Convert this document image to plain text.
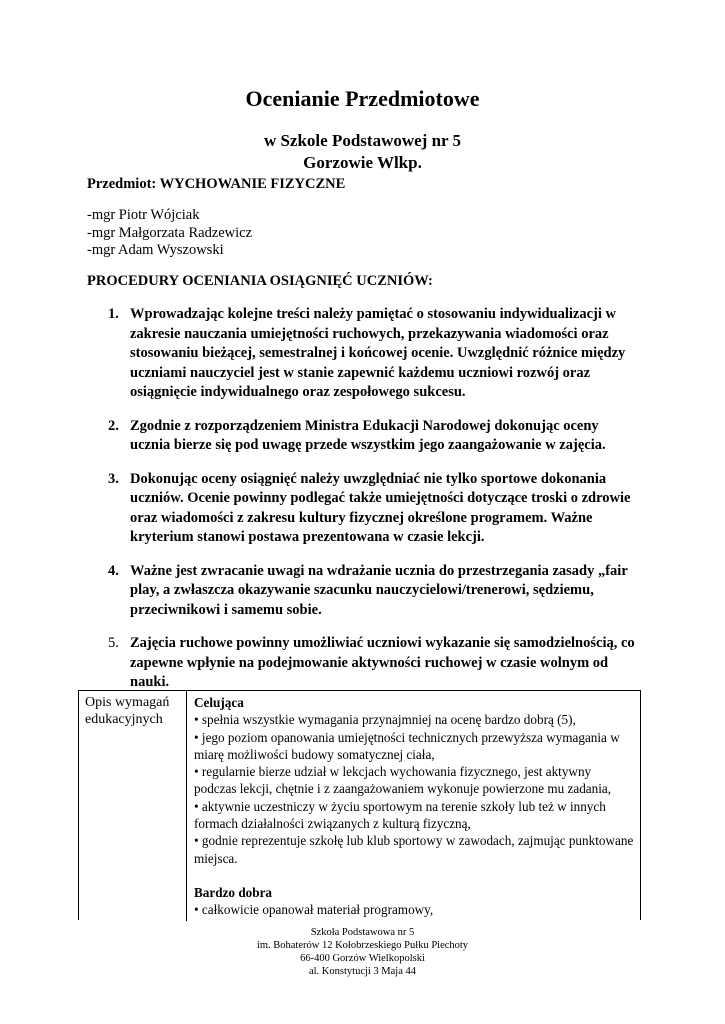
Ocenianie Przedmiotowe

w Szkole Podstawowej nr 5

Gorzowie Wlkp.

Przedmiot: WYCHOWANIE FIZYCZNE

-mgr Piotr Wójciak
-mgr Małgorzata Radzewicz
-mgr Adam Wyszowski

PROCEDURY OCENIANIA OSIĄGNIĘĆ UCZNIÓW:

1. Wprowadzając kolejne treści należy pamiętać o stosowaniu indywidualizacji w zakresie nauczania umiejętności ruchowych, przekazywania wiadomości oraz stosowaniu bieżącej, semestralnej i końcowej ocenie. Uwzględnić różnice między uczniami nauczyciel jest w stanie zapewnić każdemu uczniowi rozwój oraz osiągnięcie indywidualnego oraz zespołowego sukcesu.
2. Zgodnie z rozporządzeniem Ministra Edukacji Narodowej dokonując oceny ucznia bierze się pod uwagę przede wszystkim jego zaangażowanie w zajęcia.
3. Dokonując oceny osiągnięć należy uwzględniać nie tylko sportowe dokonania uczniów. Ocenie powinny podlegać także umiejętności dotyczące troski o zdrowie oraz wiadomości z zakresu kultury fizycznej określone programem. Ważne kryterium stanowi postawa prezentowana w czasie lekcji.
4. Ważne jest zwracanie uwagi na wdrażanie ucznia do przestrzegania zasady „fair play, a zwłaszcza okazywanie szacunku nauczycielowi/trenerowi, sędziemu, przeciwnikowi i samemu sobie.
5. Zajęcia ruchowe powinny umożliwiać uczniowi wykazanie się samodzielnością, co zapewne wpłynie na podejmowanie aktywności ruchowej w czasie wolnym od nauki.
Opis wymagań edukacyjnych

Celująca

• spełnia wszystkie wymagania przynajmniej na ocenę bardzo dobrą (5),
• jego poziom opanowania umiejętności technicznych przewyższa wymagania w miarę możliwości budowy somatycznej ciała,
• regularnie bierze udział w lekcjach wychowania fizycznego, jest aktywny podczas lekcji, chętnie i z zaangażowaniem wykonuje powierzone mu zadania,
• aktywnie uczestniczy w życiu sportowym na terenie szkoły lub też w innych formach działalności związanych z kulturą fizyczną,
• godnie reprezentuje szkołę lub klub sportowy w zawodach, zajmując punktowane miejsca.

Bardzo dobra

• całkowicie opanował materiał programowy,
Szkoła Podstawowa nr 5
im. Bohaterów 12 Kołobrzeskiego Pułku Piechoty
66-400 Gorzów Wielkopolski
al. Konstytucji 3 Maja 44
